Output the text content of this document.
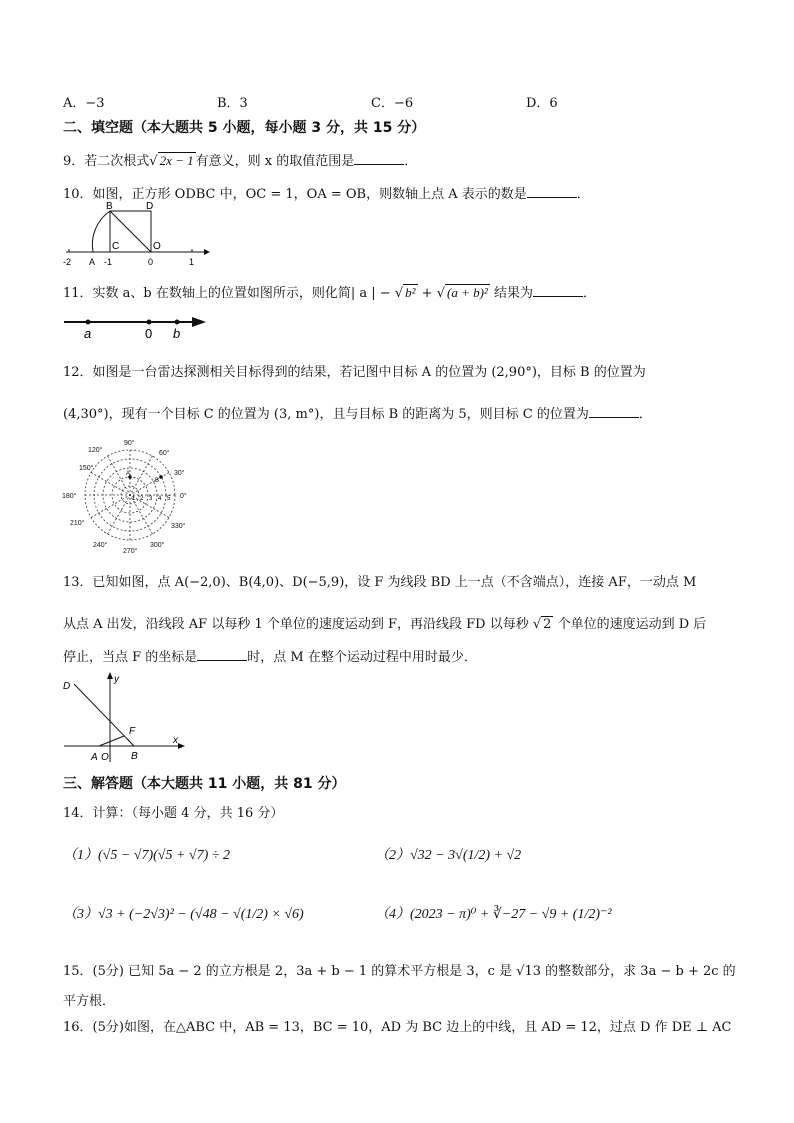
A．−3	B．3	C．−6	D．6
二、填空题（本大题共 5 小题，每小题 3 分，共 15 分）
9．若二次根式√ 2x − 1 有意义，则 x 的取值范围是	．
10．如图，正方形 ODBC 中，OC = 1，OA = OB，则数轴上点 A 表示的数是	．
B	D
C	O
A
-2	-1	0	1
11．实数 a、b 在数轴上的位置如图所示，则化简| a | − √ b² + √ (a + b)² 结果为	．
a	0 b
12．如图是一台雷达探测相关目标得到的结果，若记图中目标 A 的位置为 (2,90°)，目标 B 的位置为
(4,30°)，现有一个目标 C 的位置为 (3, m°)，且与目标 B 的距离为 5，则目标 C 的位置为	．
A
B
1 2 3 4 5
90°
120°	60°
150°
30°
180°	0°
210°	330°
240°	300°
270°
13．已知如图，点 A(−2,0)、B(4,0)、D(−5,9)，设 F 为线段 BD 上一点（不含端点），连接 AF，一动点 M
从点 A 出发，沿线段 AF 以每秒 1 个单位的速度运动到 F，再沿线段 FD 以每秒 √ 2 个单位的速度运动到 D 后
停止，当点 F 的坐标是	时，点 M 在整个运动过程中用时最少．
D
y
F
x
A O B
三、解答题（本大题共 11 小题，共 81 分）
14．计算：（每小题 4 分，共 16 分）
（1）(√5 − √7)(√5 + √7) ÷ 2	（2）√32 − 3√(1/2) + √2
（3）√3 + (−2√3)² − (√48 − √(1/2) × √6)	（4）(2023 − π)⁰ + ∛−27 − √9 + (1/2)⁻²
15．(5分) 已知 5a − 2 的立方根是 2，3a + b − 1 的算术平方根是 3，c 是 √13 的整数部分，求 3a − b + 2c 的
平方根．
16．(5分)如图，在△ABC 中，AB = 13，BC = 10，AD 为 BC 边上的中线，且 AD = 12，过点 D 作 DE ⊥ AC
